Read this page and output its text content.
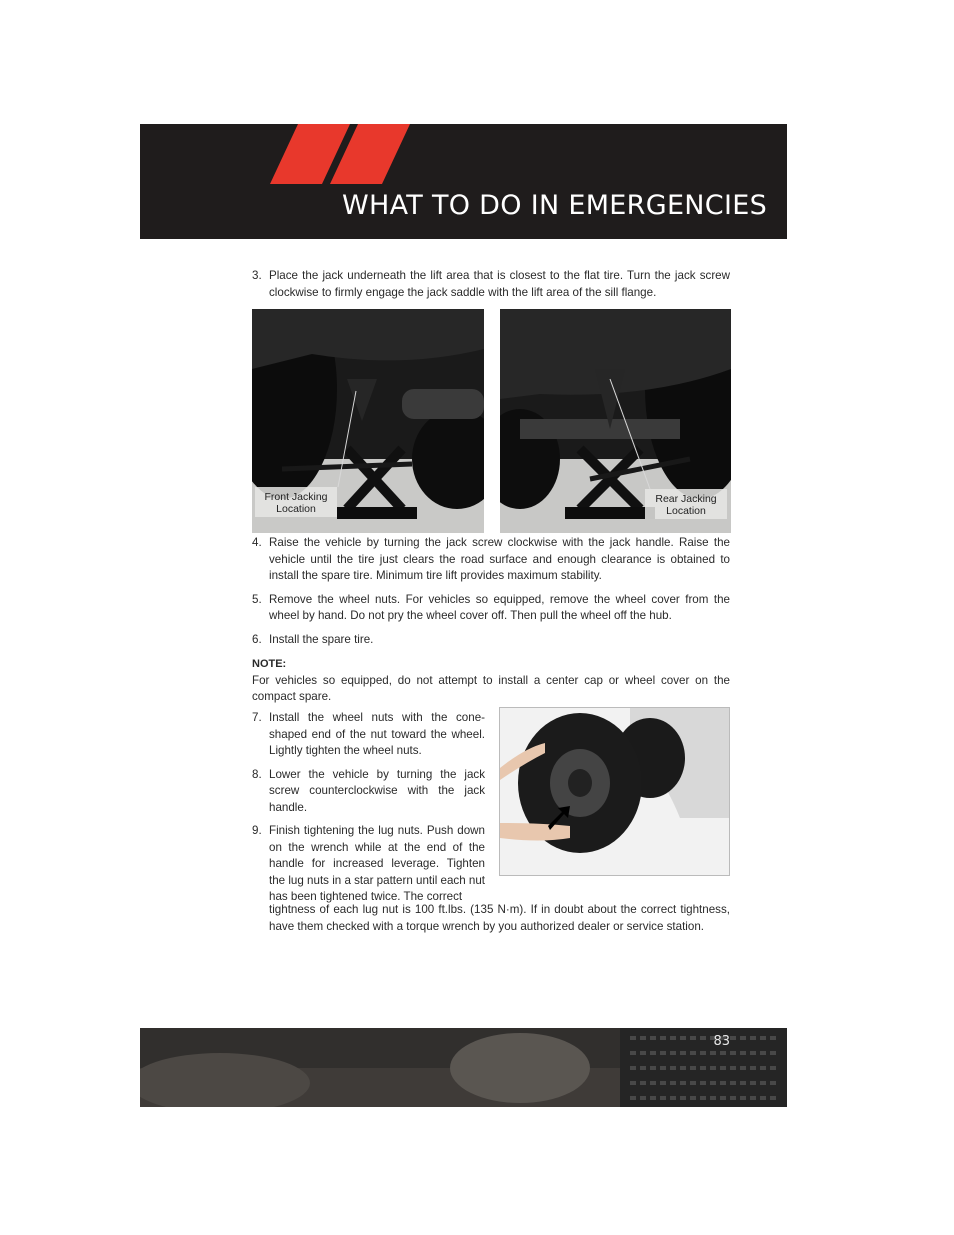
WHAT TO DO IN EMERGENCIES
3. Place the jack underneath the lift area that is closest to the flat tire. Turn the jack screw clockwise to firmly engage the jack saddle with the lift area of the sill flange.
Front Jacking
Location
Rear Jacking
Location
4. Raise the vehicle by turning the jack screw clockwise with the jack handle. Raise the vehicle until the tire just clears the road surface and enough clearance is obtained to install the spare tire. Minimum tire lift provides maximum stability.
5. Remove the wheel nuts. For vehicles so equipped, remove the wheel cover from the wheel by hand. Do not pry the wheel cover off. Then pull the wheel off the hub.
6. Install the spare tire.
NOTE:
For vehicles so equipped, do not attempt to install a center cap or wheel cover on the compact spare.
7. Install the wheel nuts with the cone-shaped end of the nut toward the wheel. Lightly tighten the wheel nuts.
8. Lower the vehicle by turning the jack screw counterclockwise with the jack handle.
9. Finish tightening the lug nuts. Push down on the wrench while at the end of the handle for increased leverage. Tighten the lug nuts in a star pattern until each nut has been tightened twice. The correct
tightness of each lug nut is 100 ft.lbs. (135 N·m). If in doubt about the correct tightness, have them checked with a torque wrench by you authorized dealer or service station.
83
